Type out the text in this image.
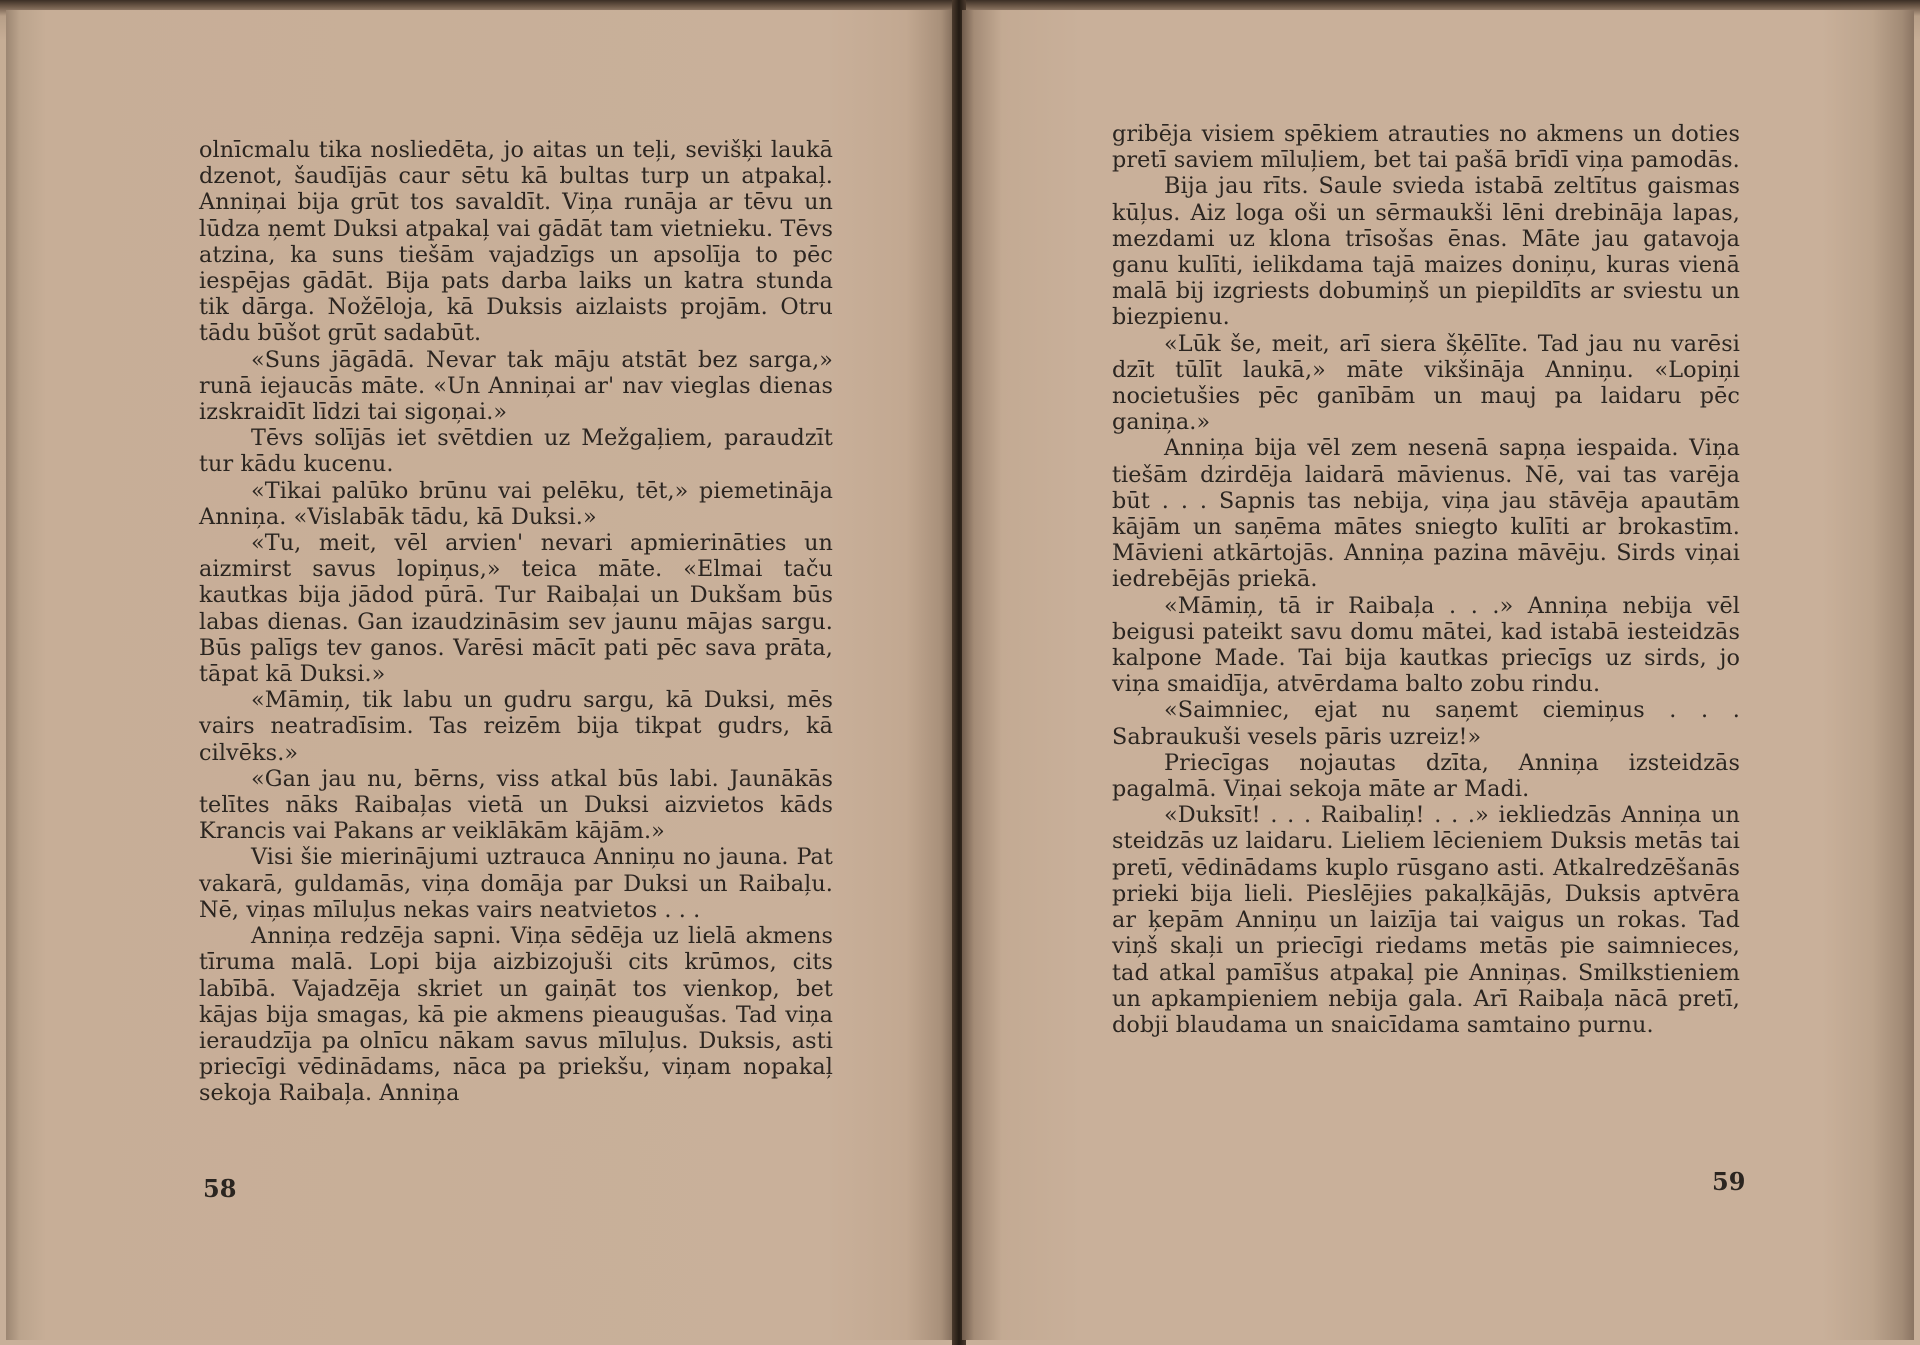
olnīcmalu tika nosliedēta, jo aitas un teļi, sevišķi laukā dzenot, šaudījās caur sētu kā bultas turp un atpakaļ. Anniņai bija grūt tos savaldīt. Viņa runāja ar tēvu un lūdza ņemt Duksi atpakaļ vai gādāt tam vietnieku. Tēvs atzina, ka suns tiešām vajadzīgs un apsolīja to pēc iespējas gādāt. Bija pats darba laiks un katra stunda tik dārga. Nožēloja, kā Duksis aizlaists projām. Otru tādu būšot grūt sadabūt.

«Suns jāgādā. Nevar tak māju atstāt bez sarga,» runā iejaucās māte. «Un Anniņai ar' nav vieglas dienas izskraidīt līdzi tai sigoņai.»

Tēvs solījās iet svētdien uz Mežgaļiem, paraudzīt tur kādu kucenu.

«Tikai palūko brūnu vai pelēku, tēt,» piemetināja Anniņa. «Vislabāk tādu, kā Duksi.»

«Tu, meit, vēl arvien' nevari apmierināties un aizmirst savus lopiņus,» teica māte. «Elmai taču kautkas bija jādod pūrā. Tur Raibaļai un Dukšam būs labas dienas. Gan izaudzināsim sev jaunu mājas sargu. Būs palīgs tev ganos. Varēsi mācīt pati pēc sava prāta, tāpat kā Duksi.»

«Māmiņ, tik labu un gudru sargu, kā Duksi, mēs vairs neatradīsim. Tas reizēm bija tikpat gudrs, kā cilvēks.»

«Gan jau nu, bērns, viss atkal būs labi. Jaunākās telītes nāks Raibaļas vietā un Duksi aizvietos kāds Krancis vai Pakans ar veiklākām kājām.»

Visi šie mierinājumi uztrauca Anniņu no jauna. Pat vakarā, guldamās, viņa domāja par Duksi un Raibaļu. Nē, viņas mīluļus nekas vairs neatvietos . . .

Anniņa redzēja sapni. Viņa sēdēja uz lielā akmens tīruma malā. Lopi bija aizbizojuši cits krūmos, cits labībā. Vajadzēja skriet un gaiņāt tos vienkop, bet kājas bija smagas, kā pie akmens pieaugušas. Tad viņa ieraudzīja pa olnīcu nākam savus mīluļus. Duksis, asti priecīgi vēdinādams, nāca pa priekšu, viņam nopakaļ sekoja Raibaļa. Anniņa

58

gribēja visiem spēkiem atrauties no akmens un doties pretī saviem mīluļiem, bet tai pašā brīdī viņa pamodās.

Bija jau rīts. Saule svieda istabā zeltītus gaismas kūļus. Aiz loga oši un sērmaukši lēni drebināja lapas, mezdami uz klona trīsošas ēnas. Māte jau gatavoja ganu kulīti, ielikdama tajā maizes doniņu, kuras vienā malā bij izgriests dobumiņš un piepildīts ar sviestu un biezpienu.

«Lūk še, meit, arī siera šķēlīte. Tad jau nu varēsi dzīt tūlīt laukā,» māte vikšināja Anniņu. «Lopiņi nocietušies pēc ganībām un mauj pa laidaru pēc ganiņa.»

Anniņa bija vēl zem nesenā sapņa iespaida. Viņa tiešām dzirdēja laidarā māvienus. Nē, vai tas varēja būt . . . Sapnis tas nebija, viņa jau stāvēja apautām kājām un saņēma mātes sniegto kulīti ar brokastīm. Māvieni atkārtojās. Anniņa pazina māvēju. Sirds viņai iedrebējās priekā.

«Māmiņ, tā ir Raibaļa . . .» Anniņa nebija vēl beigusi pateikt savu domu mātei, kad istabā iesteidzās kalpone Made. Tai bija kautkas priecīgs uz sirds, jo viņa smaidīja, atvērdama balto zobu rindu.

«Saimniec, ejat nu saņemt ciemiņus . . . Sabraukuši vesels pāris uzreiz!»

Priecīgas nojautas dzīta, Anniņa izsteidzās pagalmā. Viņai sekoja māte ar Madi.

«Duksīt! . . . Raibaliņ! . . .» iekliedzās Anniņa un steidzās uz laidaru. Lieliem lēcieniem Duksis metās tai pretī, vēdinādams kuplo rūsgano asti. Atkalredzēšanās prieki bija lieli. Pieslējies pakaļkājās, Duksis aptvēra ar ķepām Anniņu un laizīja tai vaigus un rokas. Tad viņš skaļi un priecīgi riedams metās pie saimnieces, tad atkal pamīšus atpakaļ pie Anniņas. Smilkstieniem un apkampieniem nebija gala. Arī Raibaļa nācā pretī, dobji blaudama un snaicīdama samtaino purnu.

59
